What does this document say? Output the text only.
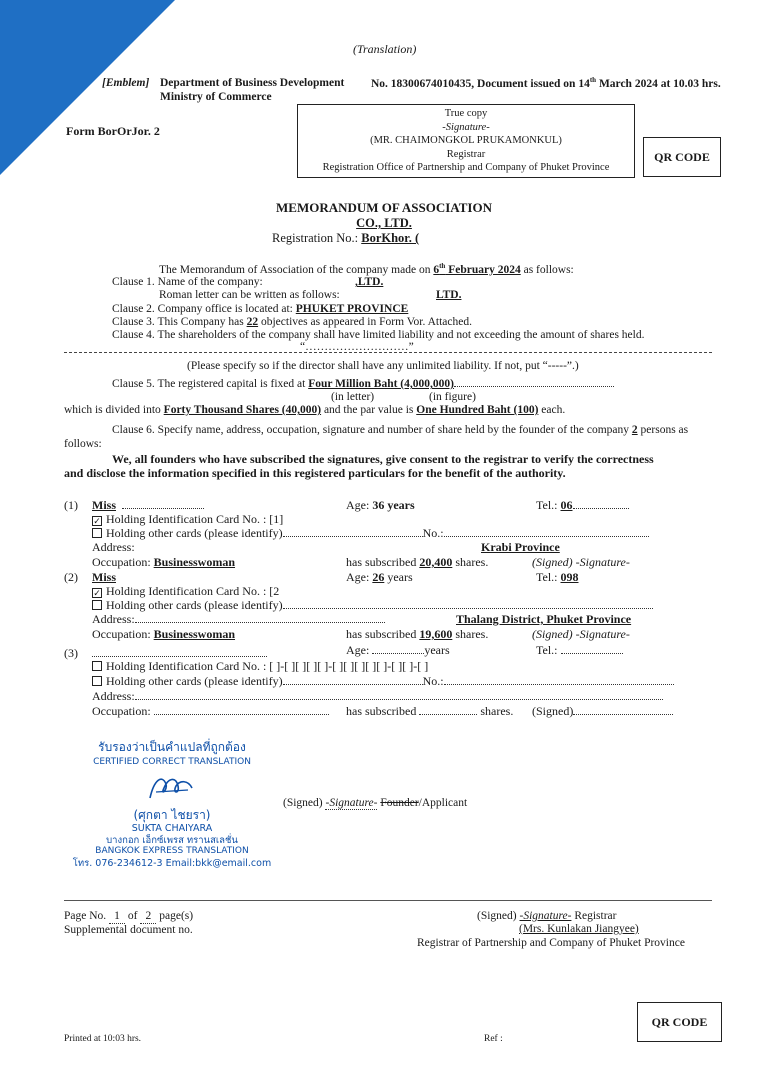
(Translation)
[Emblem] Department of Business Development
Ministry of Commerce
No. 18300674010435, Document issued on 14th March 2024 at 10.03 hrs.
Form BorOrJor. 2
True copy
-Signature-
(MR. CHAIMONGKOL PRUKAMONKUL)
Registrar
Registration Office of Partnership and Company of Phuket Province
QR CODE
MEMORANDUM OF ASSOCIATION
CO., LTD.
Registration No.: BorKhor. (
The Memorandum of Association of the company made on 6th February 2024 as follows:
Clause 1. Name of the company:	,LTD.
Roman letter can be written as follows:	LTD.
Clause 2. Company office is located at: PHUKET PROVINCE
Clause 3. This Company has 22 objectives as appeared in Form Vor. Attached.
Clause 4. The shareholders of the company shall have limited liability and not exceeding the amount of shares held.
“………………………”
(Please specify so if the director shall have any unlimited liability. If not, put “-----”.)
Clause 5. The registered capital is fixed at Four Million Baht (4,000,000)
(in letter)	(in figure)
which is divided into Forty Thousand Shares (40,000) and the par value is One Hundred Baht (100) each.
Clause 6. Specify name, address, occupation, signature and number of share held by the founder of the company 2 persons as
follows:
We, all founders who have subscribed the signatures, give consent to the registrar to verify the correctness
and disclose the information specified in this registered particulars for the benefit of the authority.
(1) Miss	Age: 36 years	Tel.: 06
✓ Holding Identification Card No. : [1]
Holding other cards (please identify)	No.:
Address:	Krabi Province
Occupation: Businesswoman	has subscribed 20,400 shares.	(Signed) -Signature-
(2) Miss	Age: 26 years	Tel.: 098
✓ Holding Identification Card No. : [2
Holding other cards (please identify)
Address:	Thalang District, Phuket Province
Occupation: Businesswoman	has subscribed 19,600 shares.	(Signed) -Signature-
(3)	Age:	years	Tel.:
Holding Identification Card No. : [ ]-[ ][ ][ ][ ]-[ ][ ][ ][ ][ ]-[ ][ ]-[ ]
Holding other cards (please identify)	No.:
Address:
Occupation:	has subscribed	shares. (Signed)
รับรองว่าเป็นคำแปลที่ถูกต้อง
CERTIFIED CORRECT TRANSLATION
(ศุกตา ไชยรา)
SUKTA CHAIYARA
บางกอก เอ็กซ์เพรส ทรานสเลชั่น
BANGKOK EXPRESS TRANSLATION
โทร. 076-234612-3 Email:bkk@email.com
(Signed) -Signature- Founder/Applicant
Page No. 1 of 2 page(s)
Supplemental document no.
(Signed) -Signature- Registrar
(Mrs. Kunlakan Jiangyee)
Registrar of Partnership and Company of Phuket Province
QR CODE
Printed at 10:03 hrs.	Ref :
